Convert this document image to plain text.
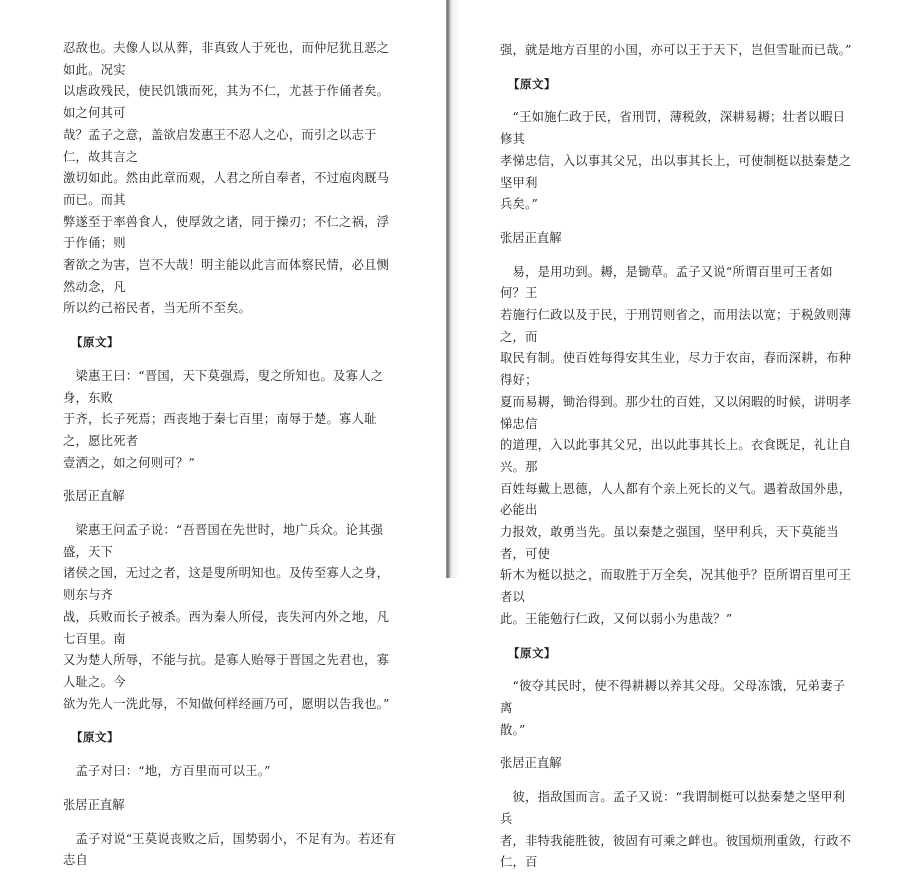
忍敌也。夫像人以从葬，非真致人于死也，而仲尼犹且恶之如此。况实
以虐政残民，使民饥饿而死，其为不仁，尤甚于作俑者矣。如之何其可
哉？孟子之意，盖欲启发惠王不忍人之心，而引之以志于仁，故其言之
激切如此。然由此章而观，人君之所自奉者，不过庖肉厩马而已。而其
弊遂至于率兽食人，使厚敛之诸，同于操刃；不仁之祸，浮于作俑；则
奢欲之为害，岂不大哉！明主能以此言而体察民情，必且恻然动念，凡
所以约己裕民者，当无所不至矣。
【原文】
　梁惠王曰：“晋国，天下莫强焉，叟之所知也。及寡人之身，东败
于齐，长子死焉；西丧地于秦七百里；南辱于楚。寡人耻之，愿比死者
壹洒之，如之何则可？”
张居正直解
　梁惠王问孟子说：“吾晋国在先世时，地广兵众。论其强盛，天下
诸侯之国，无过之者，这是叟所明知也。及传至寡人之身，则东与齐
战，兵败而长子被杀。西为秦人所侵，丧失河内外之地，凡七百里。南
又为楚人所辱，不能与抗。是寡人贻辱于晋国之先君也，寡人耻之。今
欲为先人一洗此辱，不知做何样经画乃可，愿明以告我也。”
【原文】
　孟子对曰：“地，方百里而可以王。”
张居正直解
　孟子对说“王莫说丧败之后，国势弱小，不足有为。若还有志自
强，就是地方百里的小国，亦可以王于天下，岂但雪耻而已哉。”
【原文】
　“王如施仁政于民，省刑罚，薄税敛，深耕易耨；壮者以暇日修其
孝悌忠信，入以事其父兄，出以事其长上，可使制梃以挞秦楚之坚甲利
兵矣。”
张居正直解
　易，是用功到。耨，是锄草。孟子又说“所谓百里可王者如何？王
若施行仁政以及于民，于刑罚则省之，而用法以宽；于税敛则薄之，而
取民有制。使百姓每得安其生业，尽力于农亩，春而深耕，布种得好；
夏而易耨，锄治得到。那少壮的百姓，又以闲暇的时候，讲明孝悌忠信
的道理，入以此事其父兄，出以此事其长上。衣食既足，礼让自兴。那
百姓每戴上恩德，人人都有个亲上死长的义气。遇着敌国外患，必能出
力报效，敢勇当先。虽以秦楚之强国，坚甲利兵，天下莫能当者，可使
斩木为梃以挞之，而取胜于万全矣，况其他乎？臣所谓百里可王者以
此。王能勉行仁政，又何以弱小为患哉？”
【原文】
　“彼夺其民时，使不得耕耨以养其父母。父母冻饿，兄弟妻子离
散。”
张居正直解
　彼，指敌国而言。孟子又说：“我谓制梃可以挞秦楚之坚甲利兵
者，非特我能胜彼，彼固有可乘之衅也。彼国烦刑重敛，行政不仁，百
